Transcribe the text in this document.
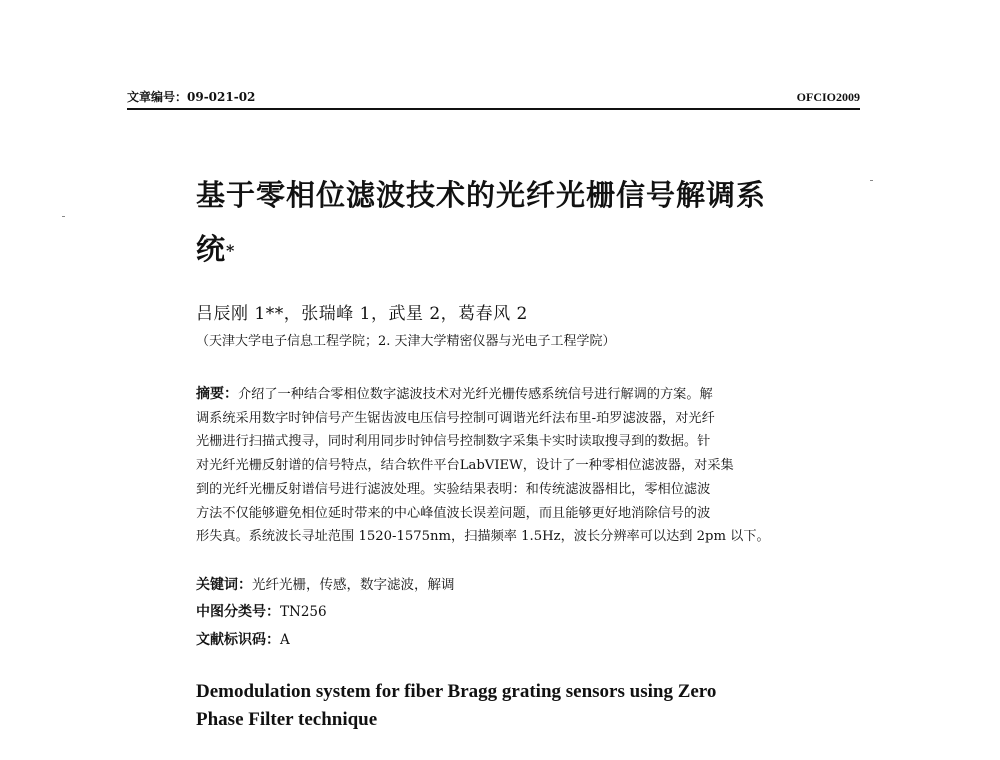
文章编号：09-021-02	OFCIO2009
基于零相位滤波技术的光纤光栅信号解调系
统*
吕辰刚 1**，张瑞峰 1，武星 2，葛春风 2
（天津大学电子信息工程学院；2. 天津大学精密仪器与光电子工程学院）
摘要：介绍了一种结合零相位数字滤波技术对光纤光栅传感系统信号进行解调的方案。解
调系统采用数字时钟信号产生锯齿波电压信号控制可调谐光纤法布里-珀罗滤波器，对光纤
光栅进行扫描式搜寻，同时利用同步时钟信号控制数字采集卡实时读取搜寻到的数据。针
对光纤光栅反射谱的信号特点，结合软件平台LabVIEW，设计了一种零相位滤波器，对采集
到的光纤光栅反射谱信号进行滤波处理。实验结果表明：和传统滤波器相比，零相位滤波
方法不仅能够避免相位延时带来的中心峰值波长误差问题，而且能够更好地消除信号的波
形失真。系统波长寻址范围 1520-1575nm，扫描频率 1.5Hz，波长分辨率可以达到 2pm 以下。
关键词：光纤光栅，传感，数字滤波，解调
中图分类号：TN256
文献标识码：A
Demodulation system for fiber Bragg grating sensors using Zero
Phase Filter technique
